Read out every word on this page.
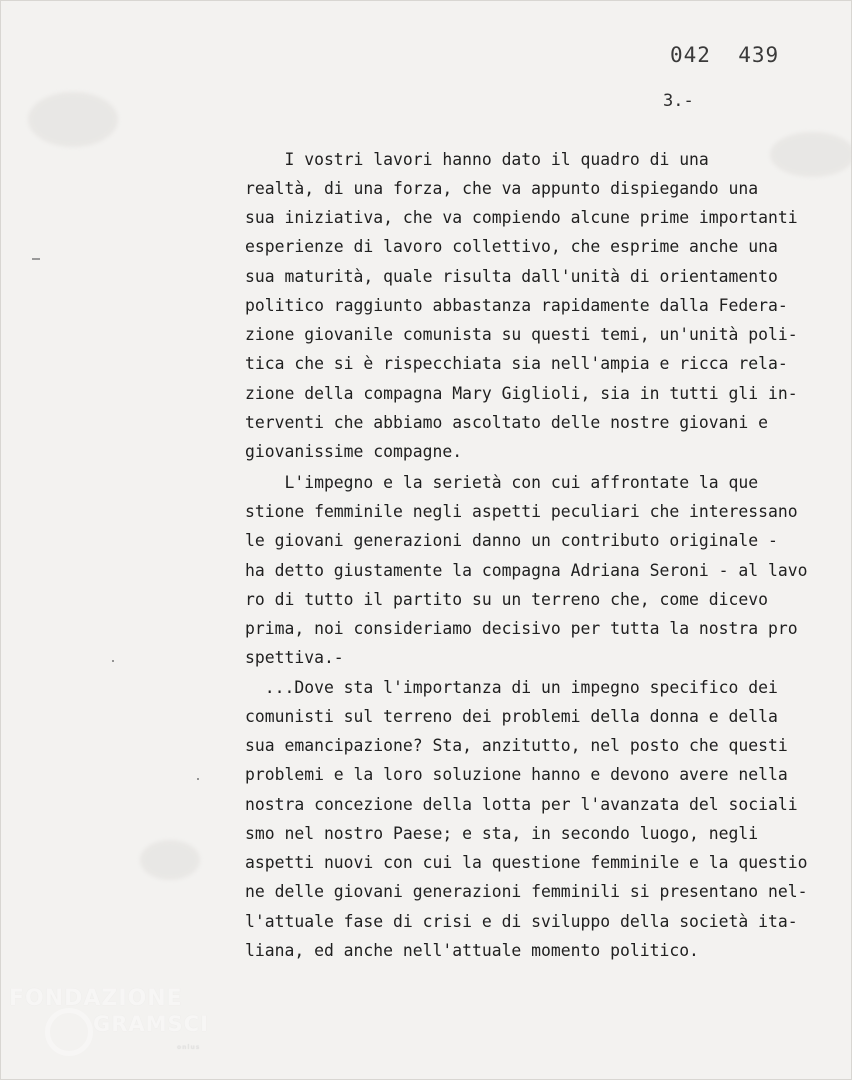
042  439
3.-
I vostri lavori hanno dato il quadro di una
realtà, di una forza, che va appunto dispiegando una
sua iniziativa, che va compiendo alcune prime importanti
esperienze di lavoro collettivo, che esprime anche una
sua maturità, quale risulta dall'unità di orientamento
politico raggiunto abbastanza rapidamente dalla Federa-
zione giovanile comunista su questi temi, un'unità poli-
tica che si è rispecchiata sia nell'ampia e ricca rela-
zione della compagna Mary Giglioli, sia in tutti gli in-
terventi che abbiamo ascoltato delle nostre giovani e
giovanissime compagne.
L'impegno e la serietà con cui affrontate la que
stione femminile negli aspetti peculiari che interessano
le giovani generazioni danno un contributo originale -
ha detto giustamente la compagna Adriana Seroni - al lavo
ro di tutto il partito su un terreno che, come dicevo
prima, noi consideriamo decisivo per tutta la nostra pro
spettiva.-
...Dove sta l'importanza di un impegno specifico dei
comunisti sul terreno dei problemi della donna e della
sua emancipazione? Sta, anzitutto, nel posto che questi
problemi e la loro soluzione hanno e devono avere nella
nostra concezione della lotta per l'avanzata del sociali
smo nel nostro Paese; e sta, in secondo luogo, negli
aspetti nuovi con cui la questione femminile e la questio
ne delle giovani generazioni femminili si presentano nel-
l'attuale fase di crisi e di sviluppo della società ita-
liana, ed anche nell'attuale momento politico.
FONDAZIONE
GRAMSCI
onlus
